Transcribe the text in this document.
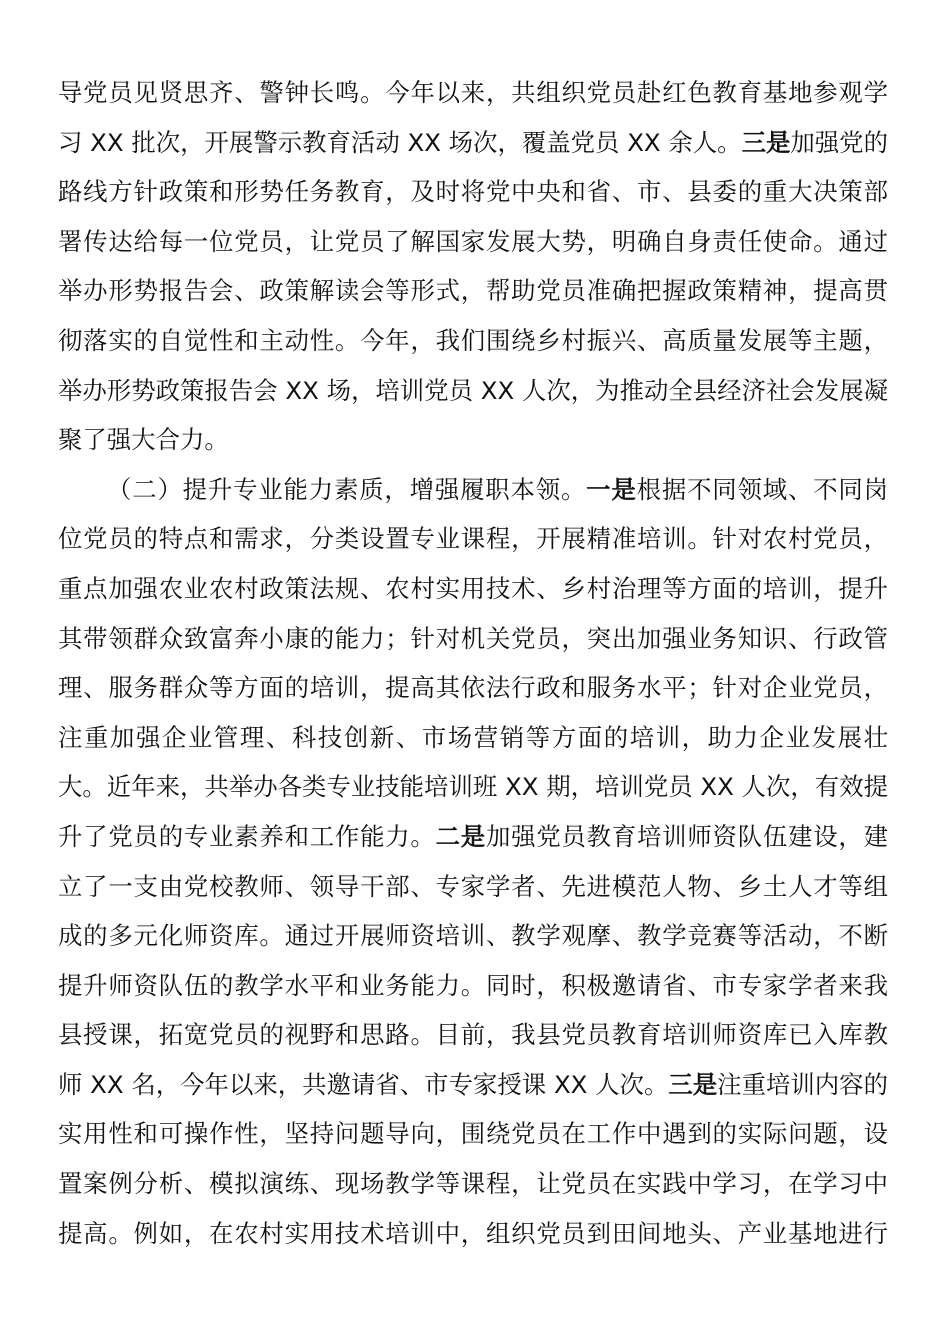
导党员见贤思齐、警钟长鸣。今年以来，共组织党员赴红色教育基地参观学
习 XX 批次，开展警示教育活动 XX 场次，覆盖党员 XX 余人。三是加强党的
路线方针政策和形势任务教育，及时将党中央和省、市、县委的重大决策部
署传达给每一位党员，让党员了解国家发展大势，明确自身责任使命。通过
举办形势报告会、政策解读会等形式，帮助党员准确把握政策精神，提高贯
彻落实的自觉性和主动性。今年，我们围绕乡村振兴、高质量发展等主题，
举办形势政策报告会 XX 场，培训党员 XX 人次，为推动全县经济社会发展凝
聚了强大合力。
（二）提升专业能力素质，增强履职本领。一是根据不同领域、不同岗
位党员的特点和需求，分类设置专业课程，开展精准培训。针对农村党员，
重点加强农业农村政策法规、农村实用技术、乡村治理等方面的培训，提升
其带领群众致富奔小康的能力；针对机关党员，突出加强业务知识、行政管
理、服务群众等方面的培训，提高其依法行政和服务水平；针对企业党员，
注重加强企业管理、科技创新、市场营销等方面的培训，助力企业发展壮
大。近年来，共举办各类专业技能培训班 XX 期，培训党员 XX 人次，有效提
升了党员的专业素养和工作能力。二是加强党员教育培训师资队伍建设，建
立了一支由党校教师、领导干部、专家学者、先进模范人物、乡土人才等组
成的多元化师资库。通过开展师资培训、教学观摩、教学竞赛等活动，不断
提升师资队伍的教学水平和业务能力。同时，积极邀请省、市专家学者来我
县授课，拓宽党员的视野和思路。目前，我县党员教育培训师资库已入库教
师 XX 名，今年以来，共邀请省、市专家授课 XX 人次。三是注重培训内容的
实用性和可操作性，坚持问题导向，围绕党员在工作中遇到的实际问题，设
置案例分析、模拟演练、现场教学等课程，让党员在实践中学习，在学习中
提高。例如，在农村实用技术培训中，组织党员到田间地头、产业基地进行
